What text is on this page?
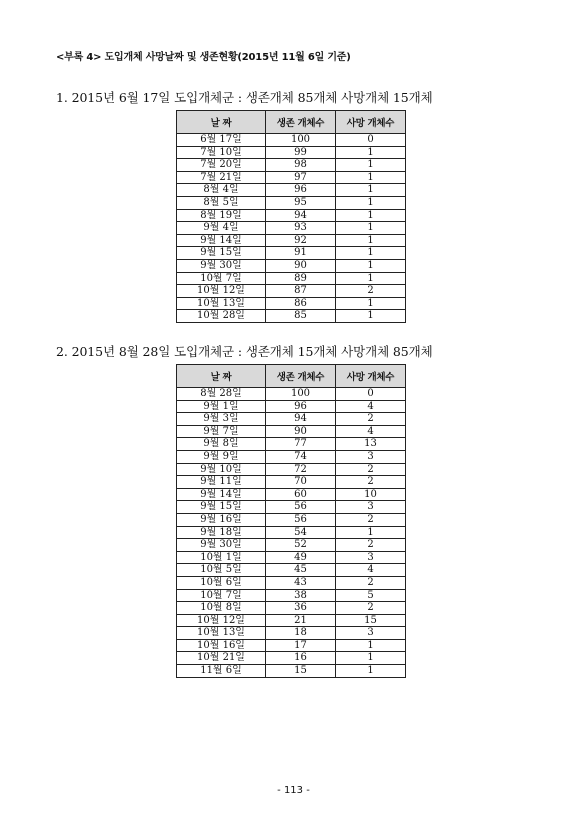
<부록 4> 도입개체 사망날짜 및 생존현황(2015년 11월 6일 기준)
1. 2015년 6월 17일 도입개체군 : 생존개체 85개체 사망개체 15개체
날 짜	생존 개체수	사망 개체수
6월 17일	100	0
7월 10일	99	1
7월 20일	98	1
7월 21일	97	1
8월 4일	96	1
8월 5일	95	1
8월 19일	94	1
9월 4일	93	1
9월 14일	92	1
9월 15일	91	1
9월 30일	90	1
10월 7일	89	1
10월 12일	87	2
10월 13일	86	1
10월 28일	85	1
2. 2015년 8월 28일 도입개체군 : 생존개체 15개체 사망개체 85개체
날 짜	생존 개체수	사망 개체수
8월 28일	100	0
9월 1일	96	4
9월 3일	94	2
9월 7일	90	4
9월 8일	77	13
9월 9일	74	3
9월 10일	72	2
9월 11일	70	2
9월 14일	60	10
9월 15일	56	3
9월 16일	56	2
9월 18일	54	1
9월 30일	52	2
10월 1일	49	3
10월 5일	45	4
10월 6일	43	2
10월 7일	38	5
10월 8일	36	2
10월 12일	21	15
10월 13일	18	3
10월 16일	17	1
10월 21일	16	1
11월 6일	15	1
- 113 -
